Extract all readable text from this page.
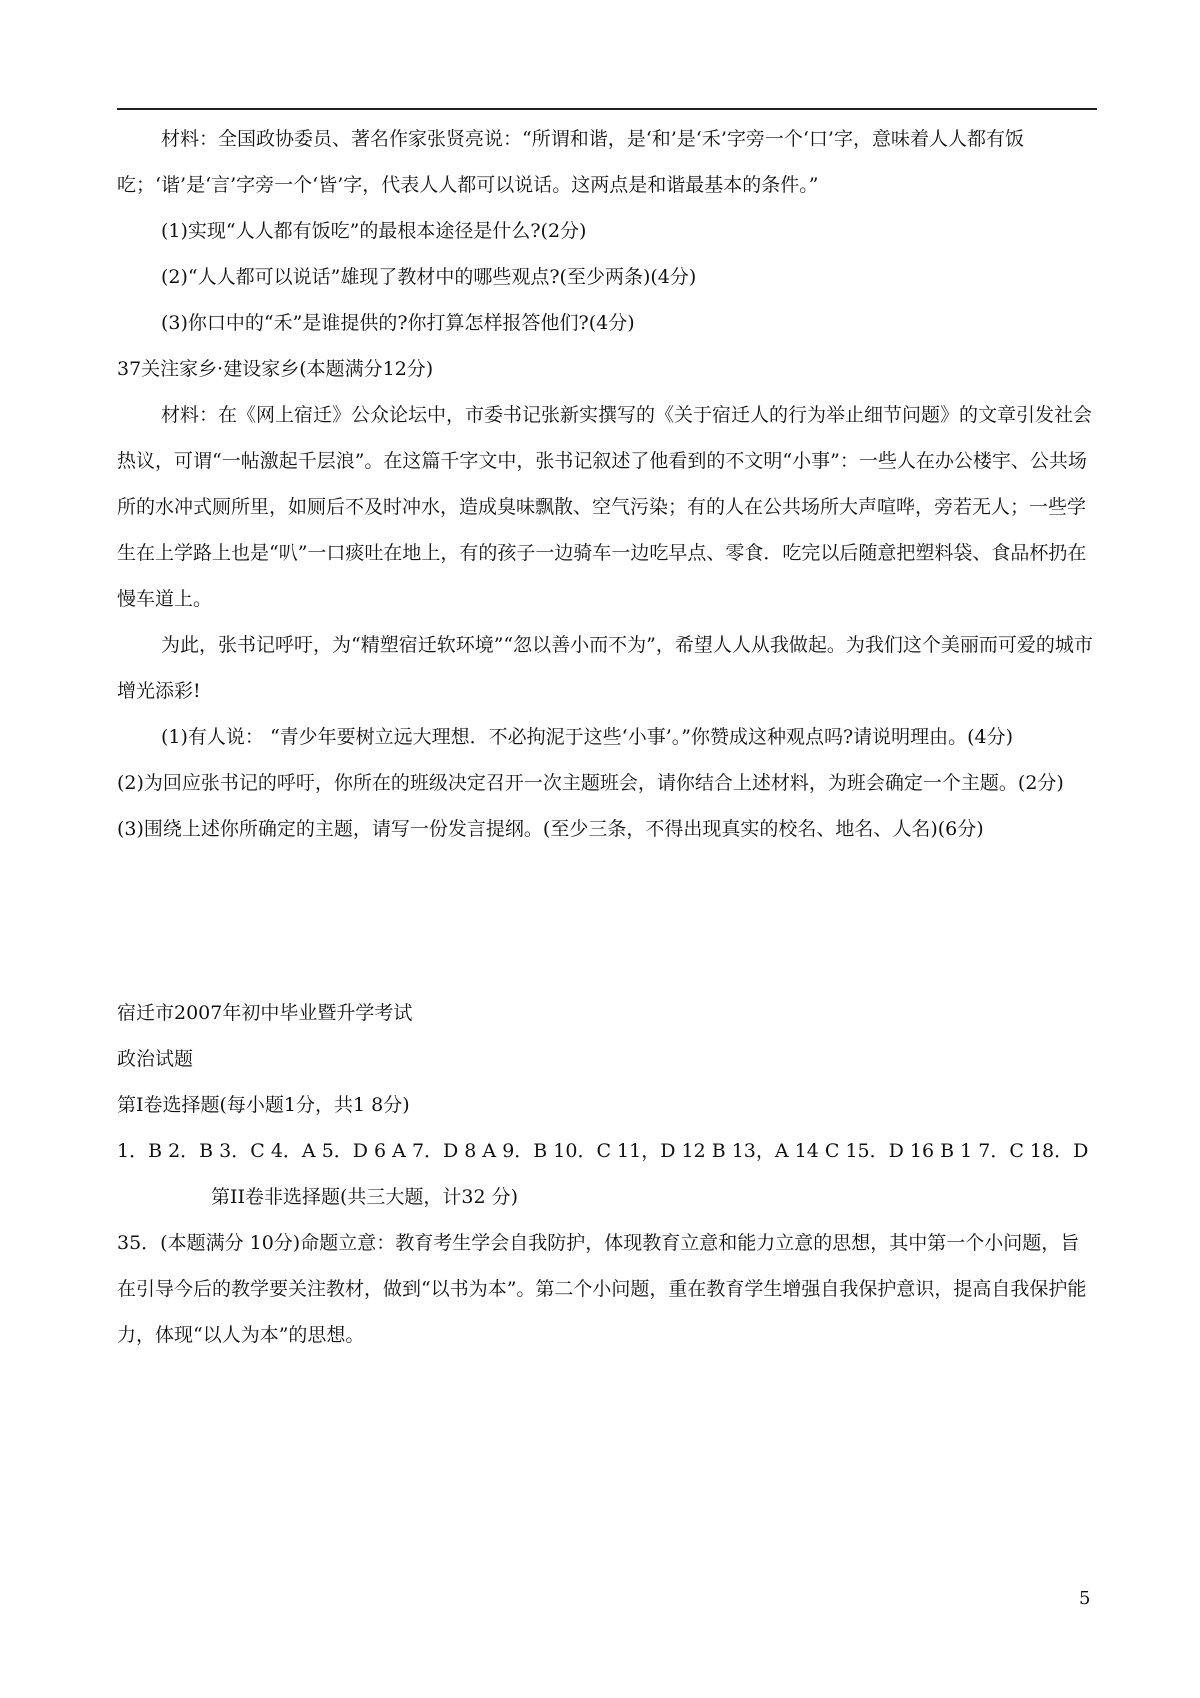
材料：全国政协委员、著名作家张贤亮说：“所谓和谐，是‘和’是‘禾’字旁一个‘口’字，意味着人人都有饭吃；‘谐’是‘言’字旁一个‘皆’字，代表人人都可以说话。这两点是和谐最基本的条件。”

(1)实现“人人都有饭吃”的最根本途径是什么?(2分)

(2)“人人都可以说话”雄现了教材中的哪些观点?(至少两条)(4分)

(3)你口中的“禾”是谁提供的?你打算怎样报答他们?(4分)

37关注家乡·建设家乡(本题满分12分)

材料：在《网上宿迁》公众论坛中，市委书记张新实撰写的《关于宿迁人的行为举止细节问题》的文章引发社会热议，可谓“一帖激起千层浪”。在这篇千字文中，张书记叙述了他看到的不文明“小事”：一些人在办公楼宇、公共场所的水冲式厕所里，如厕后不及时冲水，造成臭味飘散、空气污染；有的人在公共场所大声喧哗，旁若无人；一些学生在上学路上也是“叭”一口痰吐在地上，有的孩子一边骑车一边吃早点、零食．吃完以后随意把塑料袋、食品杯扔在慢车道上。

为此，张书记呼吁，为“精塑宿迁软环境”“忽以善小而不为”，希望人人从我做起。为我们这个美丽而可爱的城市增光添彩!

(1)有人说： “青少年要树立远大理想．不必拘泥于这些‘小事’。”你赞成这种观点吗?请说明理由。(4分)

(2)为回应张书记的呼吁，你所在的班级决定召开一次主题班会，请你结合上述材料，为班会确定一个主题。(2分)

(3)围绕上述你所确定的主题，请写一份发言提纲。(至少三条，不得出现真实的校名、地名、人名)(6分)

宿迁市2007年初中毕业暨升学考试

政治试题

第Ⅰ卷选择题(每小题1分，共1 8分)

1．B 2．B 3．C 4．A 5．D 6 A 7．D 8 A 9．B 10．C 11，D 12 B 13，A 14 C 15．D 16 B 1 7．C 18．D

第II卷非选择题(共三大题，计32 分)

35．(本题满分 10分)命题立意：教育考生学会自我防护，体现教育立意和能力立意的思想，其中第一个小问题，旨在引导今后的教学要关注教材，做到“以书为本”。第二个小问题，重在教育学生增强自我保护意识，提高自我保护能力，体现“以人为本”的思想。

5
